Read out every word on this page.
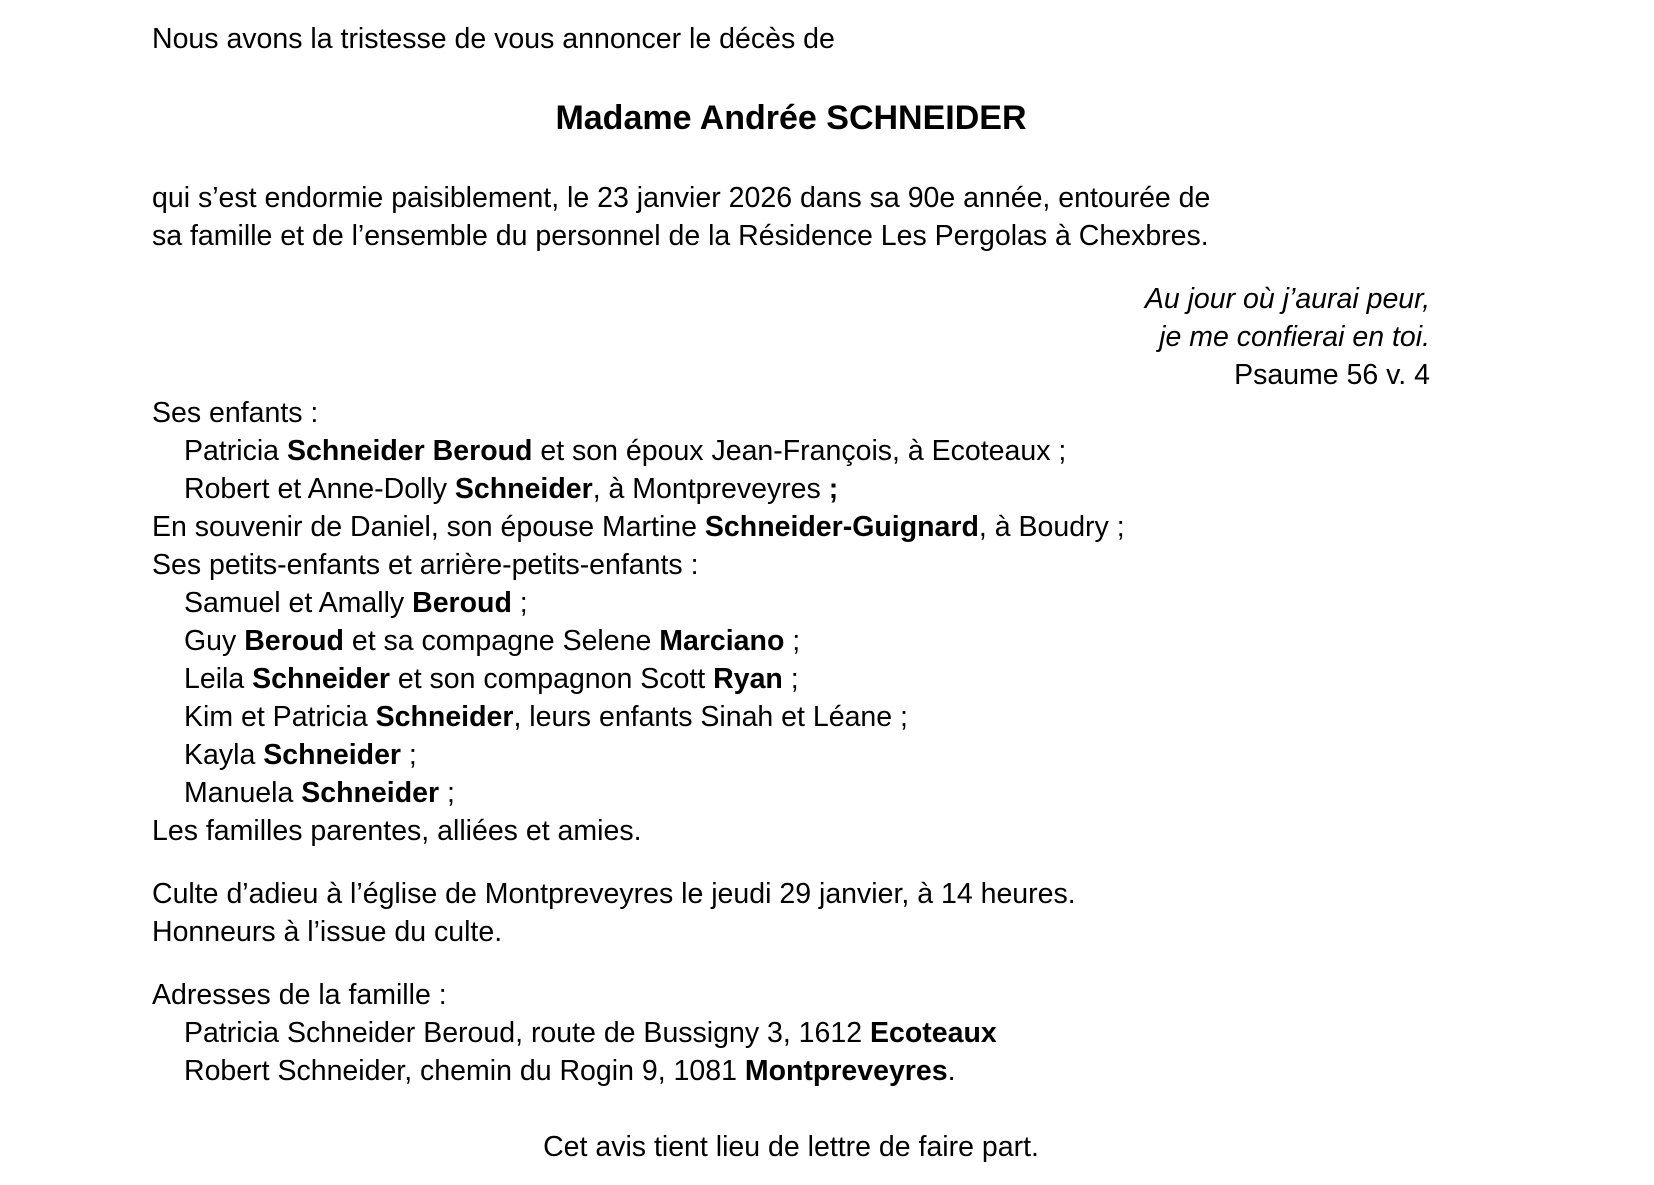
Nous avons la tristesse de vous annoncer le décès de
Madame Andrée SCHNEIDER
qui s’est endormie paisiblement, le 23 janvier 2026 dans sa 90e année, entourée de
sa famille et de l’ensemble du personnel de la Résidence Les Pergolas à Chexbres.
Au jour où j’aurai peur,
je me confierai en toi.
Psaume 56 v. 4
Ses enfants :
Patricia Schneider Beroud et son époux Jean-François, à Ecoteaux ;
Robert et Anne-Dolly Schneider, à Montpreveyres ;
En souvenir de Daniel, son épouse Martine Schneider-Guignard, à Boudry ;
Ses petits-enfants et arrière-petits-enfants :
Samuel et Amally Beroud ;
Guy Beroud et sa compagne Selene Marciano ;
Leila Schneider et son compagnon Scott Ryan ;
Kim et Patricia Schneider, leurs enfants Sinah et Léane ;
Kayla Schneider ;
Manuela Schneider ;
Les familles parentes, alliées et amies.
Culte d’adieu à l’église de Montpreveyres le jeudi 29 janvier, à 14 heures.
Honneurs à l’issue du culte.
Adresses de la famille :
Patricia Schneider Beroud, route de Bussigny 3, 1612 Ecoteaux
Robert Schneider, chemin du Rogin 9, 1081 Montpreveyres.
Cet avis tient lieu de lettre de faire part.
